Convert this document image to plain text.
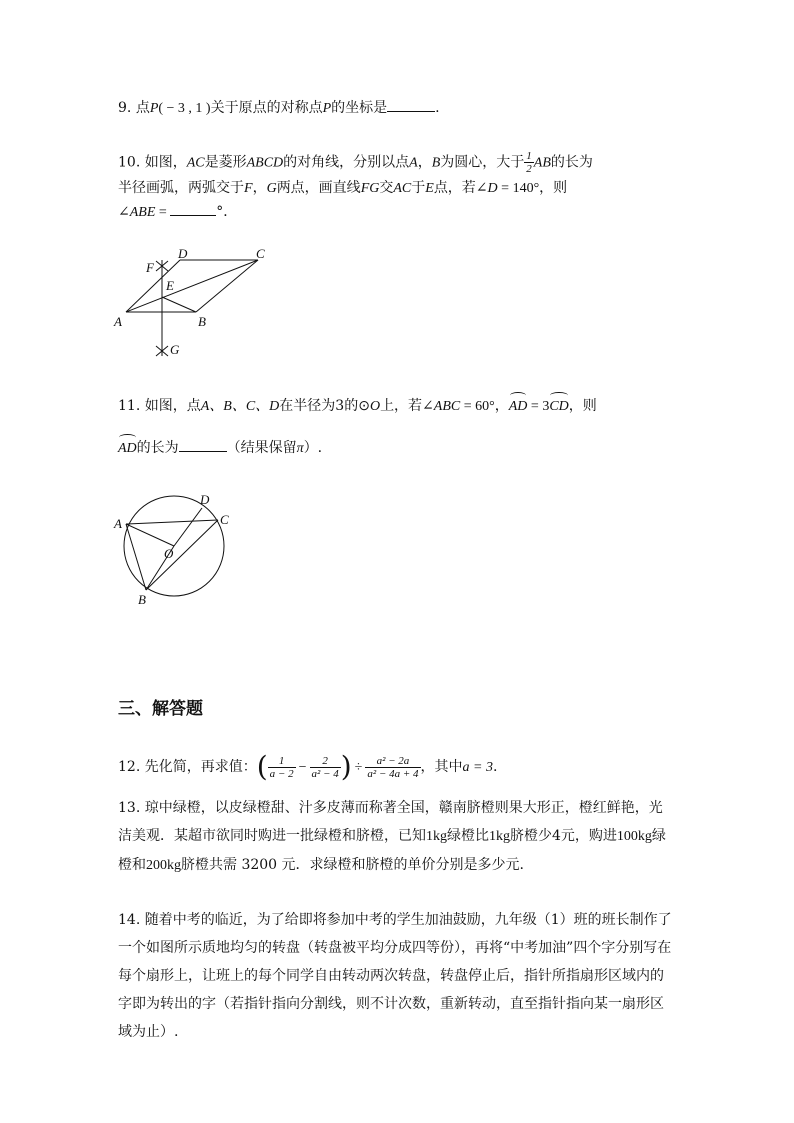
9. 点P( − 3 , 1 )关于原点的对称点P的坐标是	.
10. 如图，AC是菱形ABCD的对角线，分别以点A，B为圆心，大于 $\frac{1}{2}$ AB的长为
半径画弧，两弧交于F，G两点，画直线FG交AC于E点，若∠D = 140°，则
∠ABE =	°．
A	B
C
D
E
F
G
11. 如图，点A、B、C、D在半径为3的⊙O上，若∠ABC = 60°，AD = 3CD，则
AD的长为	（结果保留π）.
A
B
C
D
O
三、解答题
12. 先化简，再求值：( $\frac{1}{a - 2} - \frac{2}{\text{a² − 4}}$ ) ÷ $\frac{\text{a² − 2a}}{\text{a² − 4a + 4}}$ ，其中a = 3.
13. 琼中绿橙，以皮绿橙甜、汁多皮薄而称著全国，赣南脐橙则果大形正，橙红鲜艳，光洁美观．某超市欲同时购进一批绿橙和脐橙，已知1kg绿橙比1kg脐橙少4元，购进100kg绿橙和200kg脐橙共需 3200 元．求绿橙和脐橙的单价分别是多少元.
14. 随着中考的临近，为了给即将参加中考的学生加油鼓励，九年级（1）班的班长制作了一个如图所示质地均匀的转盘（转盘被平均分成四等份），再将“中考加油”四个字分别写在每个扇形上，让班上的每个同学自由转动两次转盘，转盘停止后，指针所指扇形区域内的字即为转出的字（若指针指向分割线，则不计次数，重新转动，直至指针指向某一扇形区域为止）.
